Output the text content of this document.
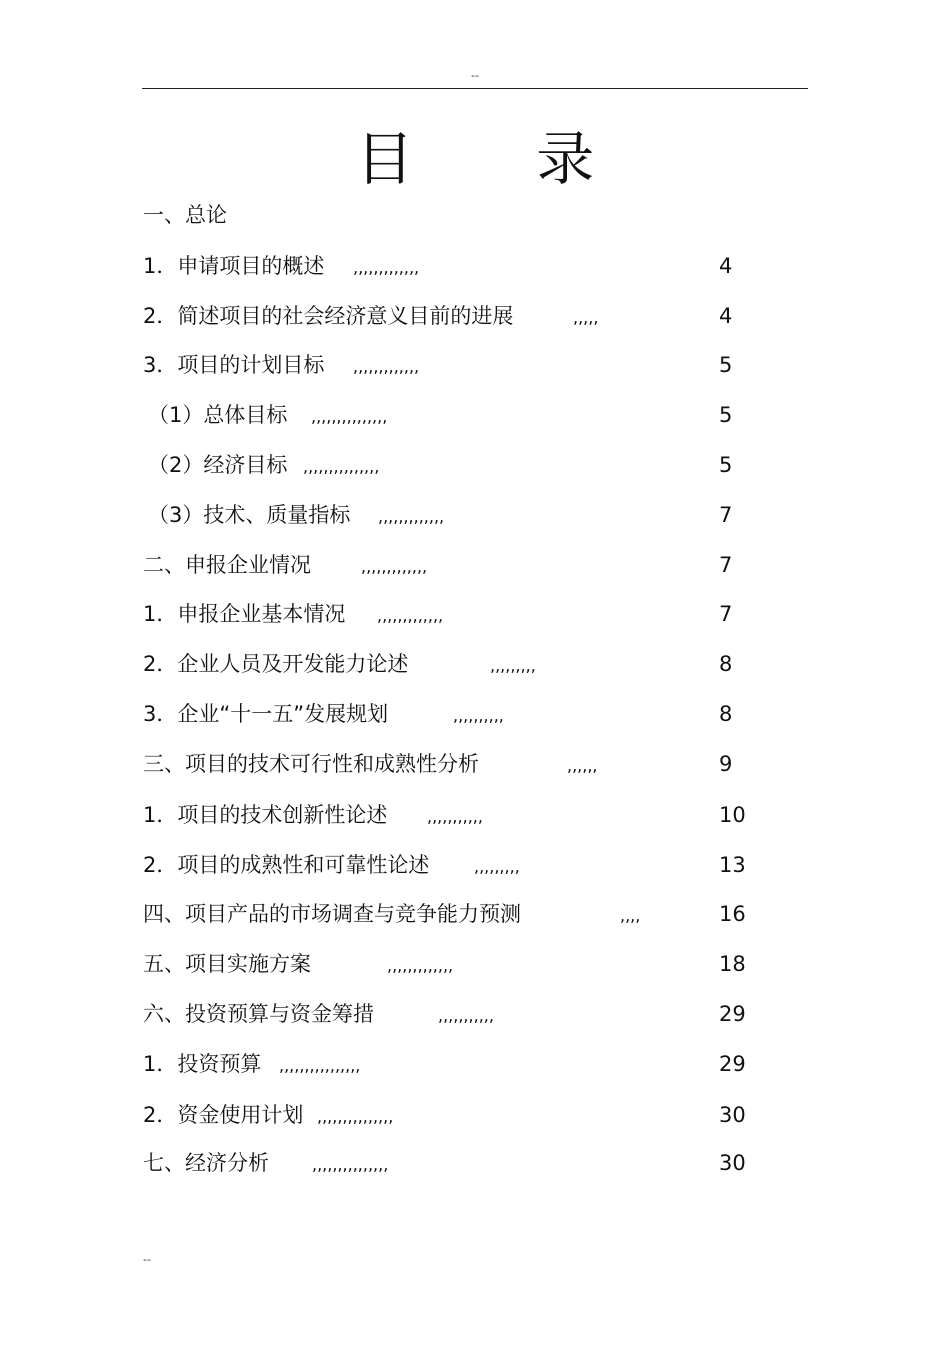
--
目 录
一、总论
1．申请项目的概述 ,,,,,,,,,,,,,	4
2．简述项目的社会经济意义目前的进展	,,,,,	4
3．项目的计划目标 ,,,,,,,,,,,,,	5
（1）总体目标 ,,,,,,,,,,,,,,,	5
（2）经济目标 ,,,,,,,,,,,,,,,	5
（3）技术、质量指标 ,,,,,,,,,,,,,	7
二、申报企业情况	,,,,,,,,,,,,,	7
1．申报企业基本情况 ,,,,,,,,,,,,,	7
2．企业人员及开发能力论述	,,,,,,,,,	8
3．企业“十一五”发展规划	,,,,,,,,,,	8
三、项目的技术可行性和成熟性分析	,,,,,,	9
1．项目的技术创新性论述 ,,,,,,,,,,,	10
2．项目的成熟性和可靠性论述	,,,,,,,,,	13
四、项目产品的市场调查与竞争能力预测	,,,,	16
五、项目实施方案	,,,,,,,,,,,,,	18
六、投资预算与资金筹措	,,,,,,,,,,,	29
1．投资预算 ,,,,,,,,,,,,,,,,	29
2．资金使用计划 ,,,,,,,,,,,,,,,	30
七、经济分析	,,,,,,,,,,,,,,,	30
--
